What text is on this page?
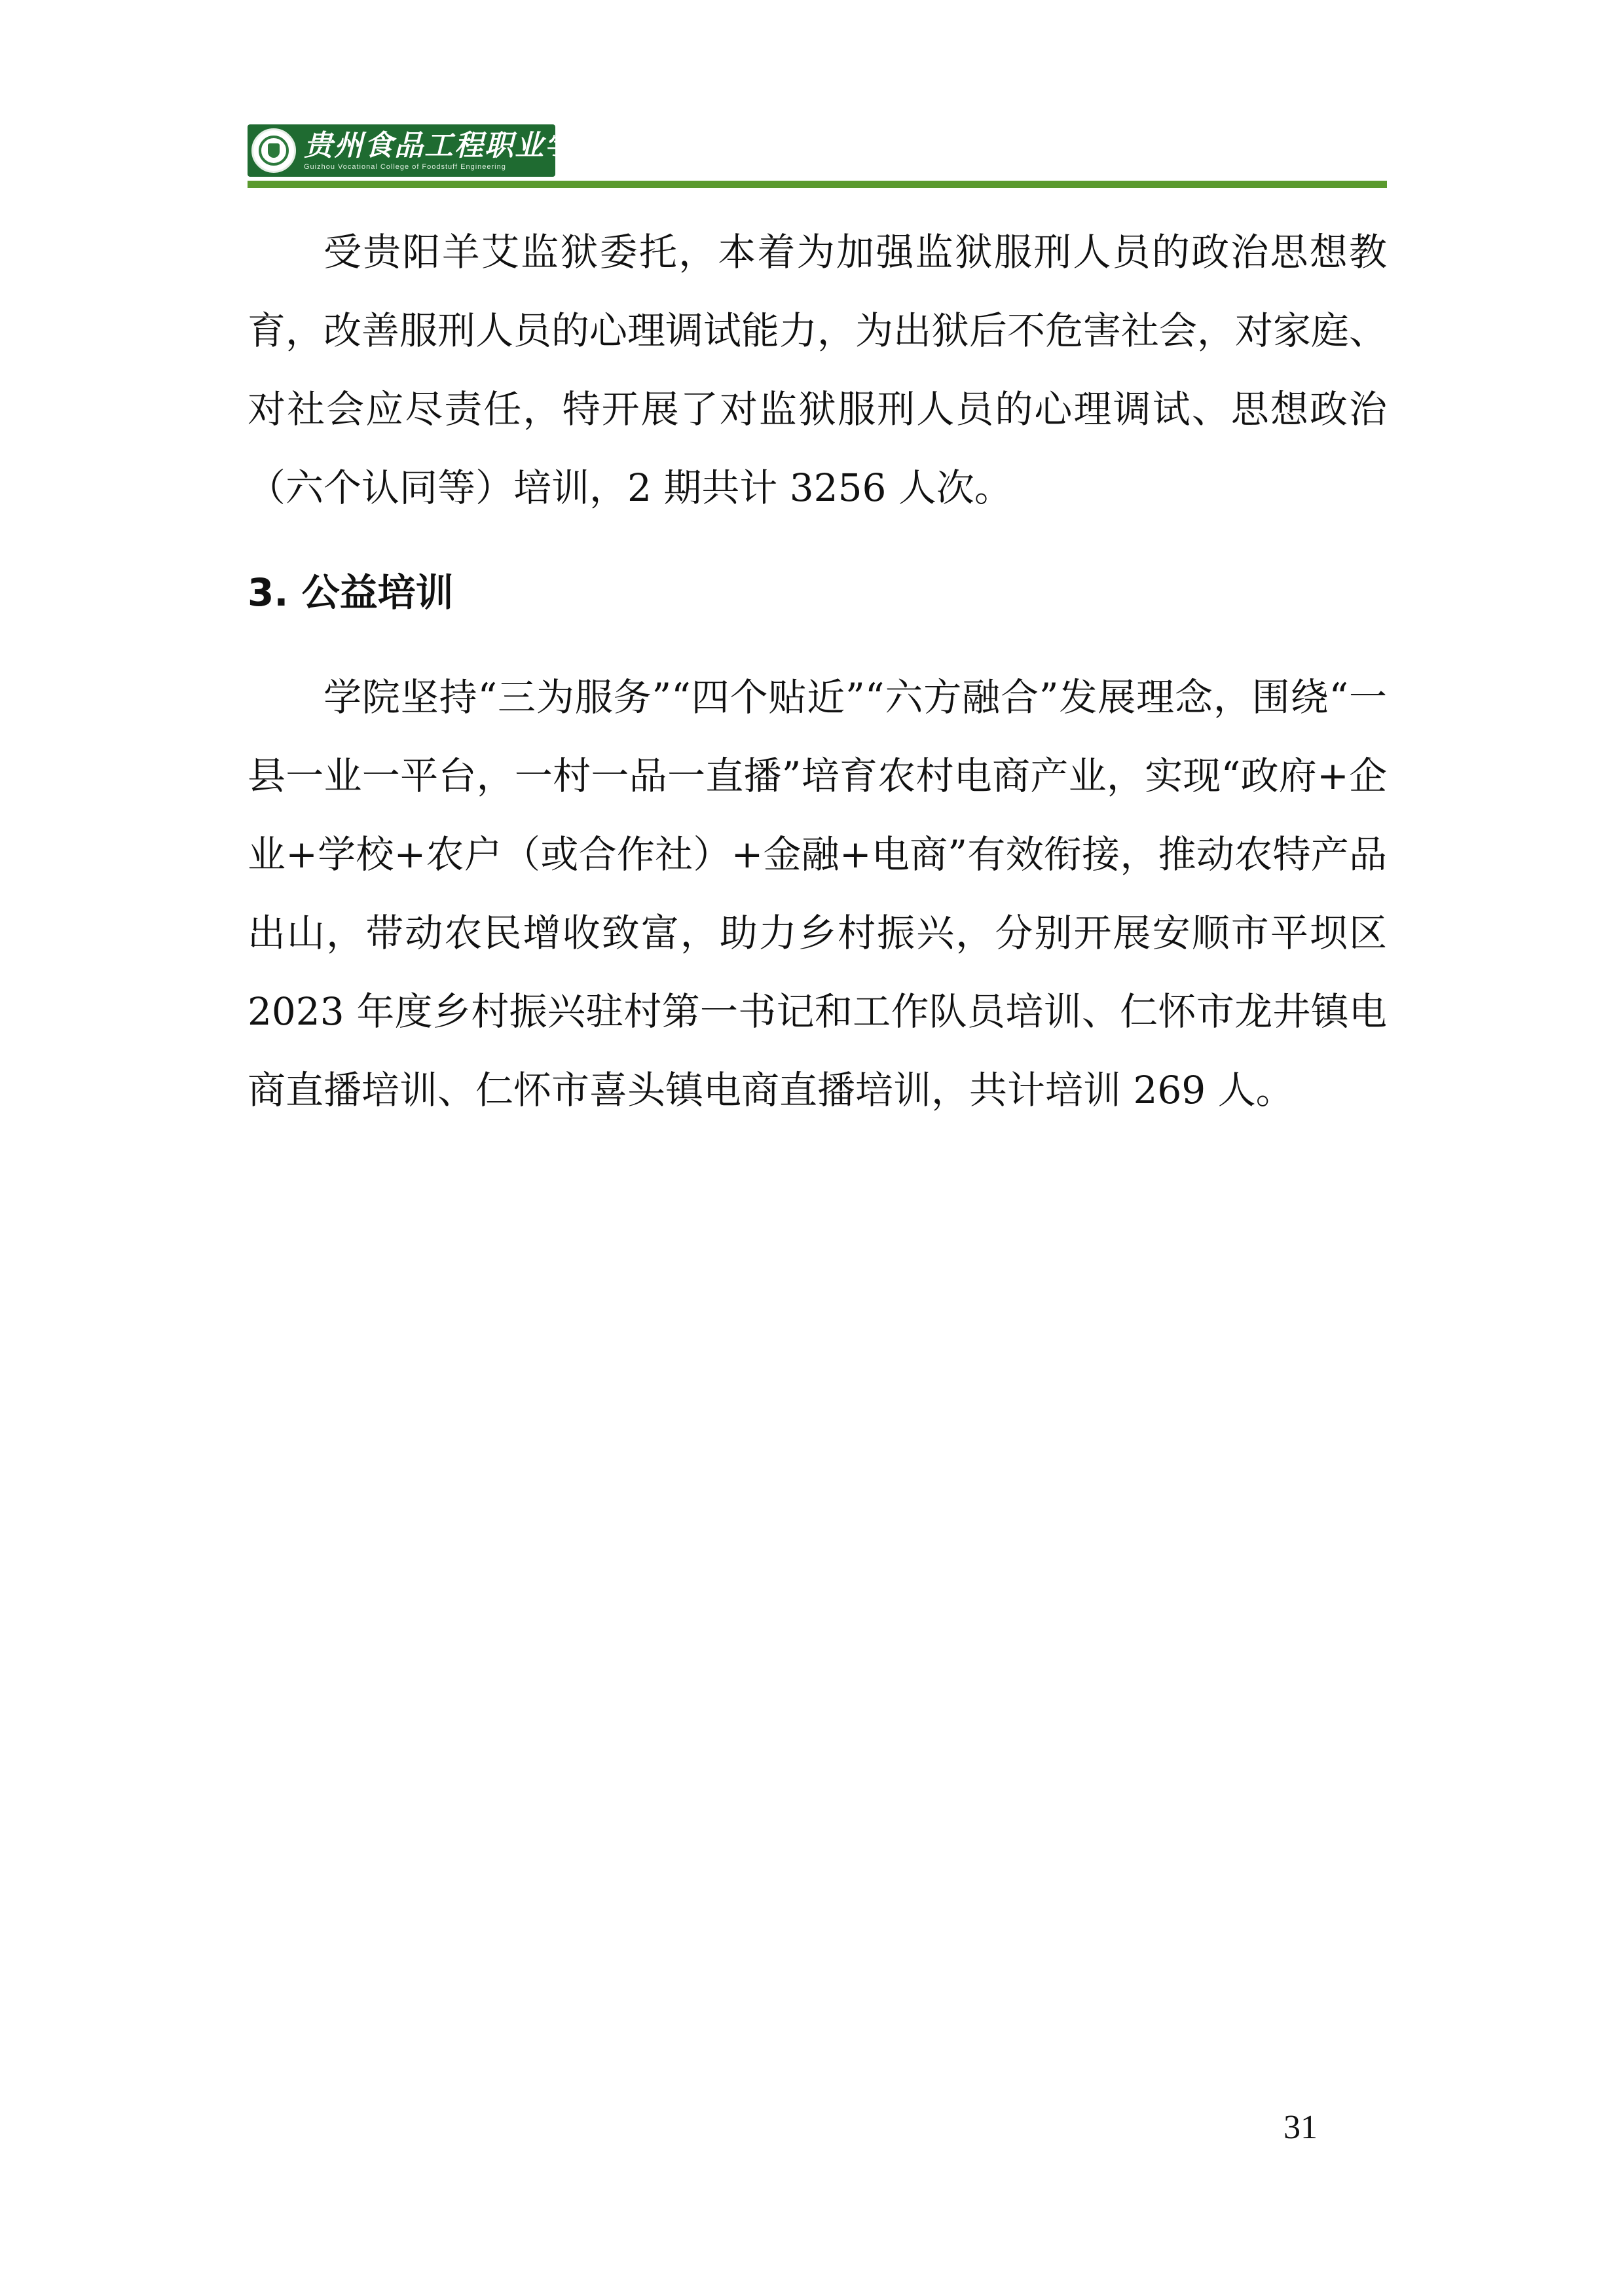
贵州食品工程职业学院
Guizhou Vocational College of Foodstuff Engineering

受贵阳羊艾监狱委托，本着为加强监狱服刑人员的政治思想教育，改善服刑人员的心理调试能力，为出狱后不危害社会，对家庭、对社会应尽责任，特开展了对监狱服刑人员的心理调试、思想政治（六个认同等）培训，2 期共计 3256 人次。

3. 公益培训

学院坚持“三为服务”“四个贴近”“六方融合”发展理念，围绕“一县一业一平台，一村一品一直播”培育农村电商产业，实现“政府+企业+学校+农户（或合作社）+金融+电商”有效衔接，推动农特产品出山，带动农民增收致富，助力乡村振兴，分别开展安顺市平坝区 2023 年度乡村振兴驻村第一书记和工作队员培训、仁怀市龙井镇电商直播培训、仁怀市喜头镇电商直播培训，共计培训 269 人。

31
